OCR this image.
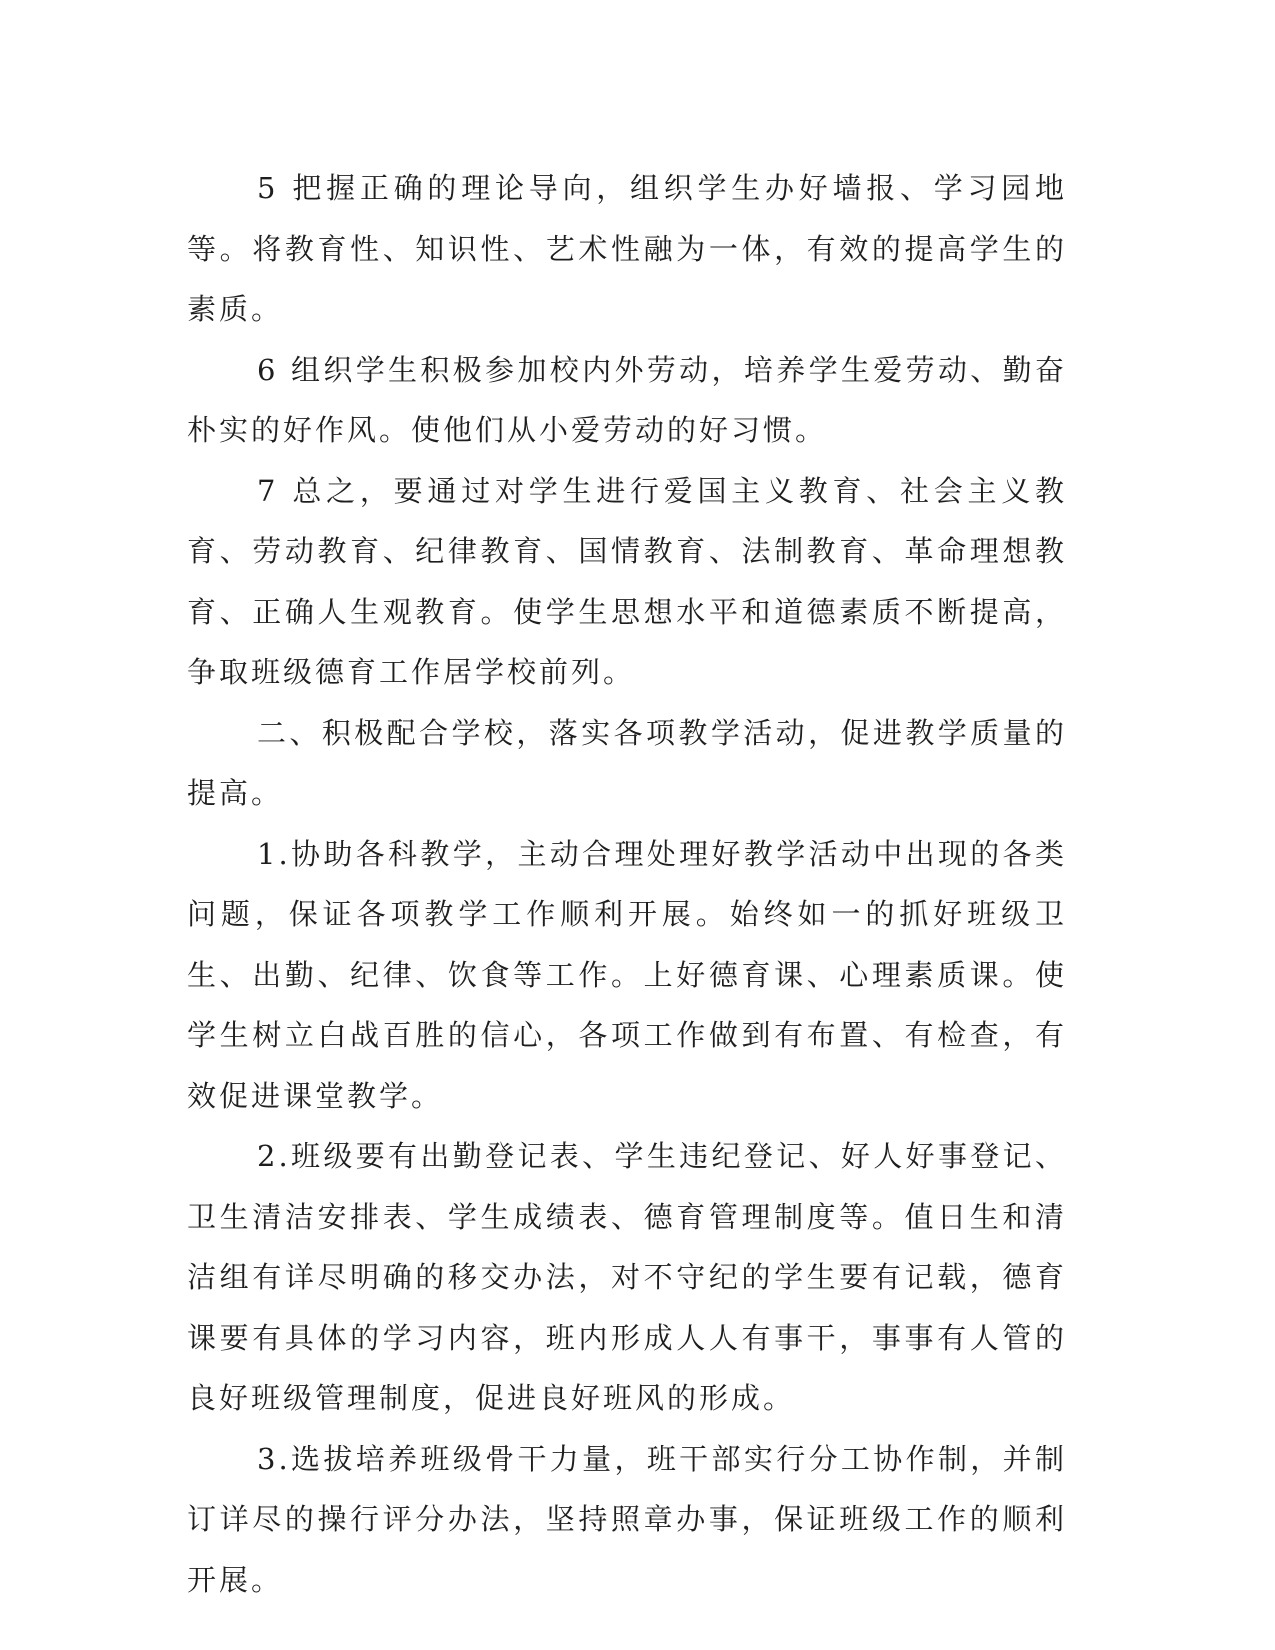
5 把握正确的理论导向，组织学生办好墙报、学习园地等。将教育性、知识性、艺术性融为一体，有效的提高学生的素质。

6 组织学生积极参加校内外劳动，培养学生爱劳动、勤奋朴实的好作风。使他们从小爱劳动的好习惯。

7 总之，要通过对学生进行爱国主义教育、社会主义教育、劳动教育、纪律教育、国情教育、法制教育、革命理想教育、正确人生观教育。使学生思想水平和道德素质不断提高，争取班级德育工作居学校前列。

二、积极配合学校，落实各项教学活动，促进教学质量的提高。

1.协助各科教学，主动合理处理好教学活动中出现的各类问题，保证各项教学工作顺利开展。始终如一的抓好班级卫生、出勤、纪律、饮食等工作。上好德育课、心理素质课。使学生树立白战百胜的信心，各项工作做到有布置、有检查，有效促进课堂教学。

2.班级要有出勤登记表、学生违纪登记、好人好事登记、卫生清洁安排表、学生成绩表、德育管理制度等。值日生和清洁组有详尽明确的移交办法，对不守纪的学生要有记载，德育课要有具体的学习内容，班内形成人人有事干，事事有人管的良好班级管理制度，促进良好班风的形成。

3.选拔培养班级骨干力量，班干部实行分工协作制，并制订详尽的操行评分办法，坚持照章办事，保证班级工作的顺利开展。
